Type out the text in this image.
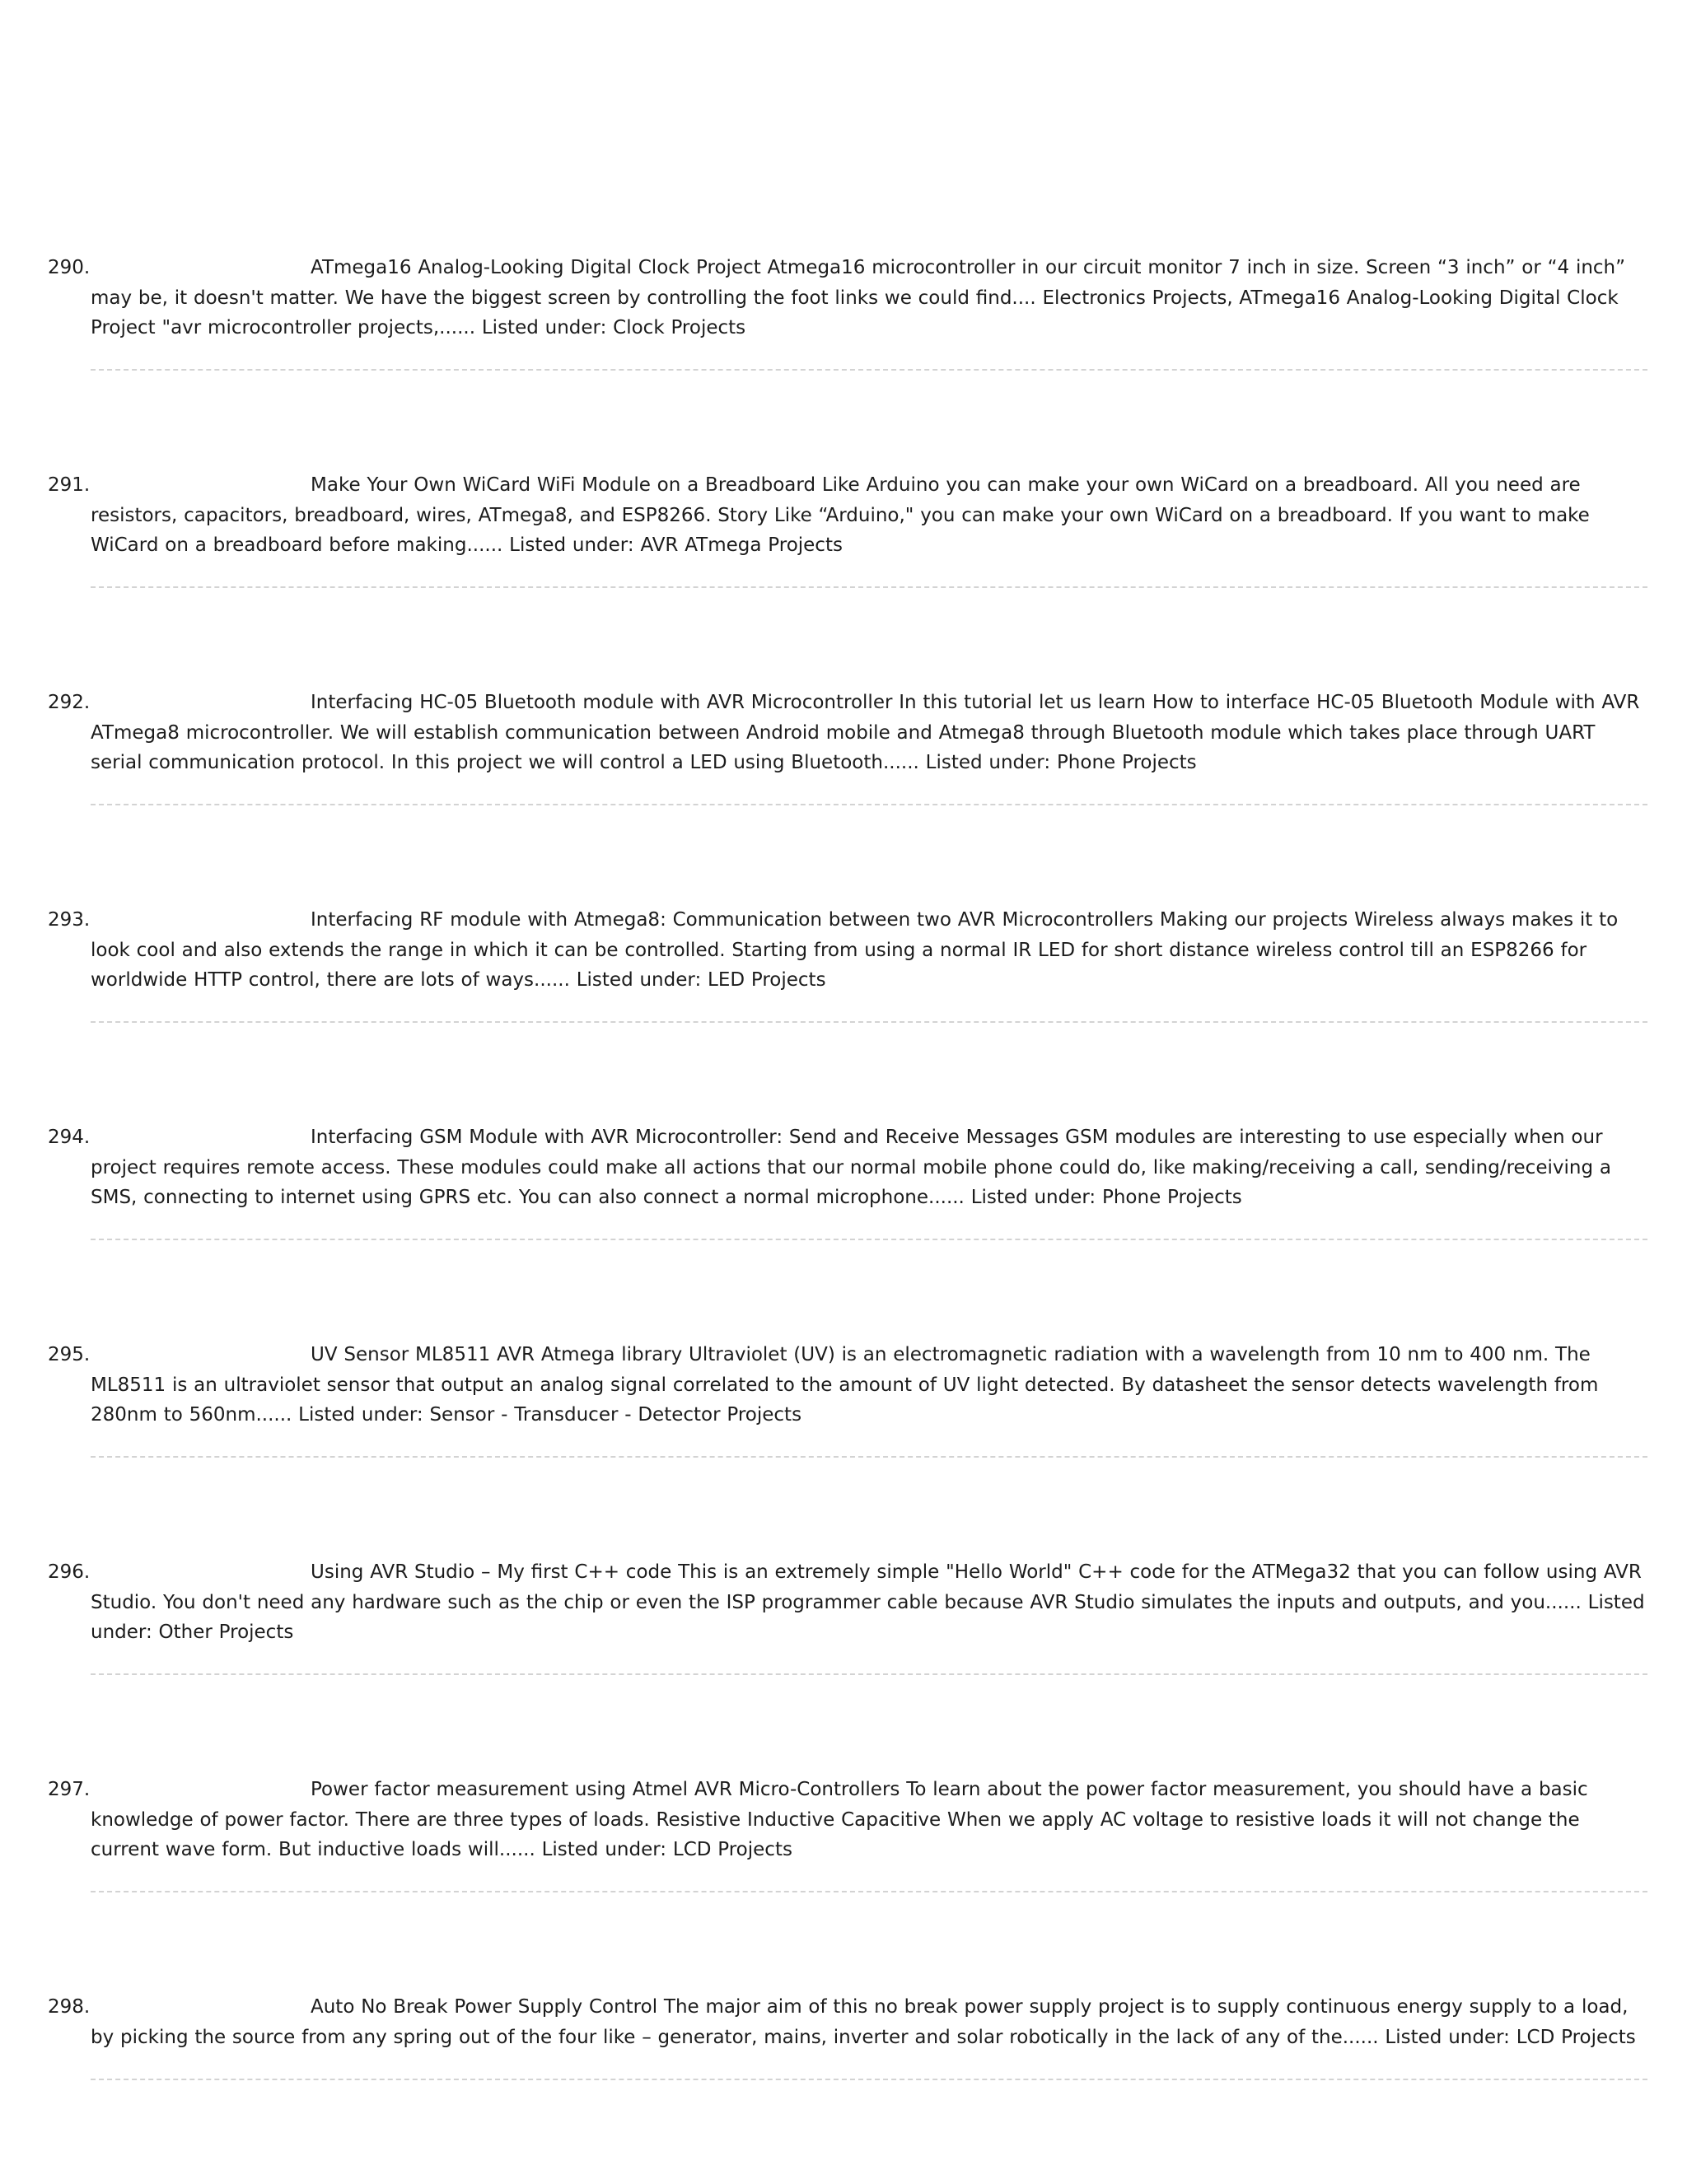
290.	ATmega16 Analog-Looking Digital Clock Project Atmega16 microcontroller in our circuit monitor 7 inch in size. Screen “3 inch” or “4 inch” may be, it doesn't matter. We have the biggest screen by controlling the foot links we could find.... Electronics Projects, ATmega16 Analog-Looking Digital Clock Project "avr microcontroller projects,...... Listed under: Clock Projects
291.	Make Your Own WiCard WiFi Module on a Breadboard Like Arduino you can make your own WiCard on a breadboard. All you need are resistors, capacitors, breadboard, wires, ATmega8, and ESP8266. Story Like “Arduino," you can make your own WiCard on a breadboard. If you want to make WiCard on a breadboard before making...... Listed under: AVR ATmega Projects
292.	Interfacing HC-05 Bluetooth module with AVR Microcontroller In this tutorial let us learn How to interface HC-05 Bluetooth Module with AVR ATmega8 microcontroller. We will establish communication between Android mobile and Atmega8 through Bluetooth module which takes place through UART serial communication protocol. In this project we will control a LED using Bluetooth...... Listed under: Phone Projects
293.	Interfacing RF module with Atmega8: Communication between two AVR Microcontrollers Making our projects Wireless always makes it to look cool and also extends the range in which it can be controlled. Starting from using a normal IR LED for short distance wireless control till an ESP8266 for worldwide HTTP control, there are lots of ways...... Listed under: LED Projects
294.	Interfacing GSM Module with AVR Microcontroller: Send and Receive Messages GSM modules are interesting to use especially when our project requires remote access. These modules could make all actions that our normal mobile phone could do, like making/receiving a call, sending/receiving a SMS, connecting to internet using GPRS etc. You can also connect a normal microphone...... Listed under: Phone Projects
295.	UV Sensor ML8511 AVR Atmega library Ultraviolet (UV) is an electromagnetic radiation with a wavelength from 10 nm to 400 nm. The ML8511 is an ultraviolet sensor that output an analog signal correlated to the amount of UV light detected. By datasheet the sensor detects wavelength from 280nm to 560nm...... Listed under: Sensor - Transducer - Detector Projects
296.	Using AVR Studio – My first C++ code This is an extremely simple "Hello World" C++ code for the ATMega32 that you can follow using AVR Studio. You don't need any hardware such as the chip or even the ISP programmer cable because AVR Studio simulates the inputs and outputs, and you...... Listed under: Other Projects
297.	Power factor measurement using Atmel AVR Micro-Controllers To learn about the power factor measurement, you should have a basic knowledge of power factor. There are three types of loads. Resistive Inductive Capacitive When we apply AC voltage to resistive loads it will not change the current wave form. But inductive loads will...... Listed under: LCD Projects
298.	Auto No Break Power Supply Control The major aim of this no break power supply project is to supply continuous energy supply to a load, by picking the source from any spring out of the four like – generator, mains, inverter and solar robotically in the lack of any of the...... Listed under: LCD Projects
